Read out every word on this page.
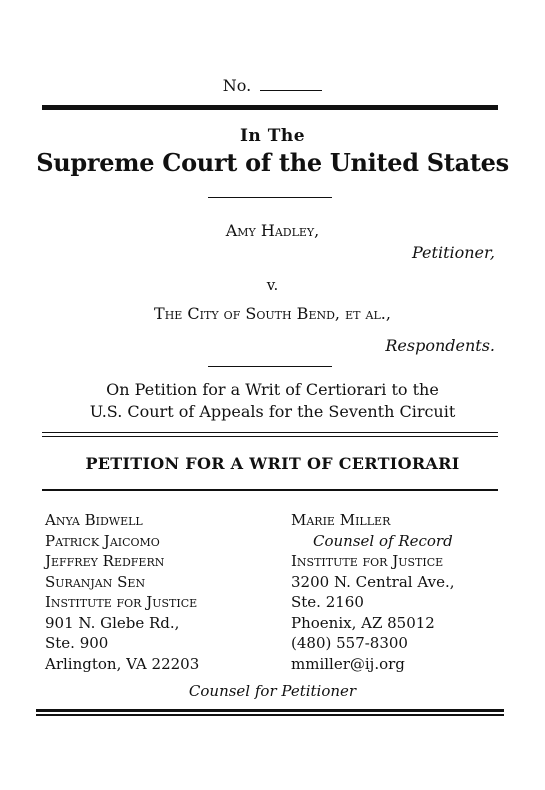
No.
In The
Supreme Court of the United States
Amy Hadley,
Petitioner,
v.
The City of South Bend, et al.,
Respondents.
On Petition for a Writ of Certiorari to the
U.S. Court of Appeals for the Seventh Circuit
PETITION FOR A WRIT OF CERTIORARI
Anya Bidwell
Patrick Jaicomo
Jeffrey Redfern
Suranjan Sen
Institute for Justice
901 N. Glebe Rd.,
Ste. 900
Arlington, VA 22203
Marie Miller
Counsel of Record
Institute for Justice
3200 N. Central Ave.,
Ste. 2160
Phoenix, AZ 85012
(480) 557-8300
mmiller@ij.org
Counsel for Petitioner
